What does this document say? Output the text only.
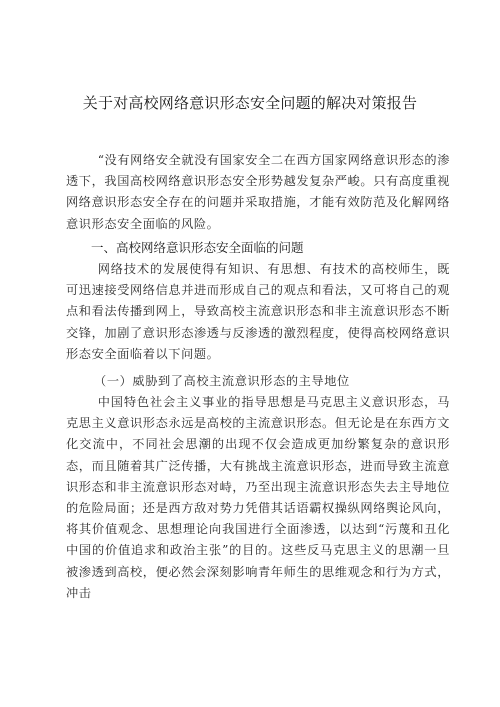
关于对高校网络意识形态安全问题的解决对策报告

“没有网络安全就没有国家安全二在西方国家网络意识形态的渗透下，我国高校网络意识形态安全形势越发复杂严峻。只有高度重视网络意识形态安全存在的问题并采取措施，才能有效防范及化解网络意识形态安全面临的风险。

一、高校网络意识形态安全面临的问题

网络技术的发展使得有知识、有思想、有技术的高校师生，既可迅速接受网络信息并进而形成自己的观点和看法，又可将自己的观点和看法传播到网上，导致高校主流意识形态和非主流意识形态不断交锋，加剧了意识形态渗透与反渗透的激烈程度，使得高校网络意识形态安全面临着以下问题。

（一）威胁到了高校主流意识形态的主导地位

中国特色社会主义事业的指导思想是马克思主义意识形态，马克思主义意识形态永远是高校的主流意识形态。但无论是在东西方文化交流中，不同社会思潮的出现不仅会造成更加纷繁复杂的意识形态，而且随着其广泛传播，大有挑战主流意识形态，进而导致主流意识形态和非主流意识形态对峙，乃至出现主流意识形态失去主导地位的危险局面；还是西方敌对势力凭借其话语霸权操纵网络舆论风向，将其价值观念、思想理论向我国进行全面渗透，以达到“污蔑和丑化中国的价值追求和政治主张”的目的。这些反马克思主义的思潮一旦被渗透到高校，便必然会深刻影响青年师生的思维观念和行为方式，冲击
